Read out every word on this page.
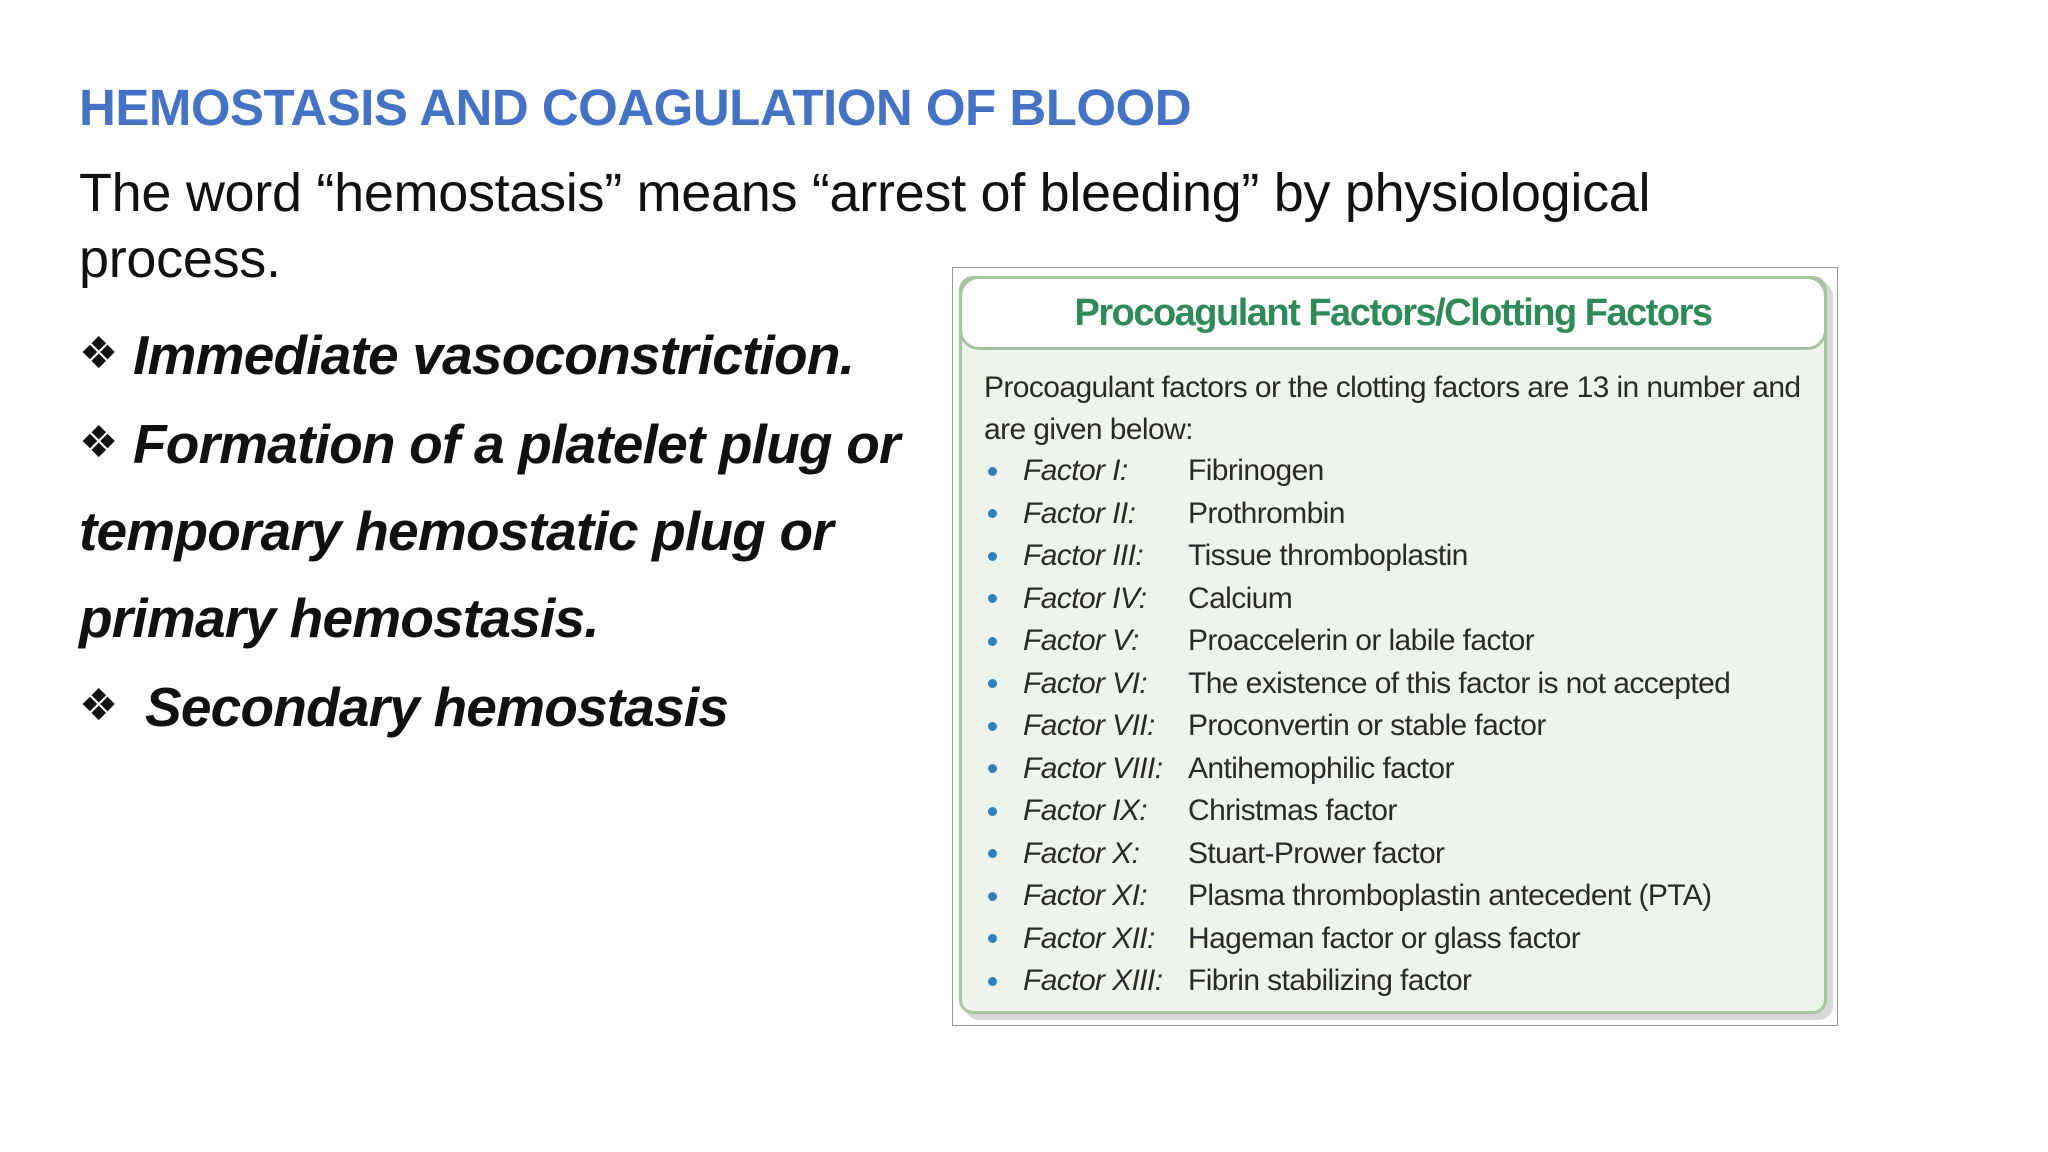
HEMOSTASIS AND COAGULATION OF BLOOD
The word “hemostasis” means “arrest of bleeding” by physiological process.
❖ Immediate vasoconstriction.
❖ Formation of a platelet plug or
temporary hemostatic plug or
primary hemostasis.
❖ Secondary hemostasis
Procoagulant Factors/Clotting Factors
Procoagulant factors or the clotting factors are 13 in number and are given below:
Factor I:	Fibrinogen
Factor II:	Prothrombin
Factor III:	Tissue thromboplastin
Factor IV:	Calcium
Factor V:	Proaccelerin or labile factor
Factor VI:	The existence of this factor is not accepted
Factor VII:	Proconvertin or stable factor
Factor VIII: Antihemophilic factor
Factor IX:	Christmas factor
Factor X:	Stuart-Prower factor
Factor XI:	Plasma thromboplastin antecedent (PTA)
Factor XII:	Hageman factor or glass factor
Factor XIII: Fibrin stabilizing factor
